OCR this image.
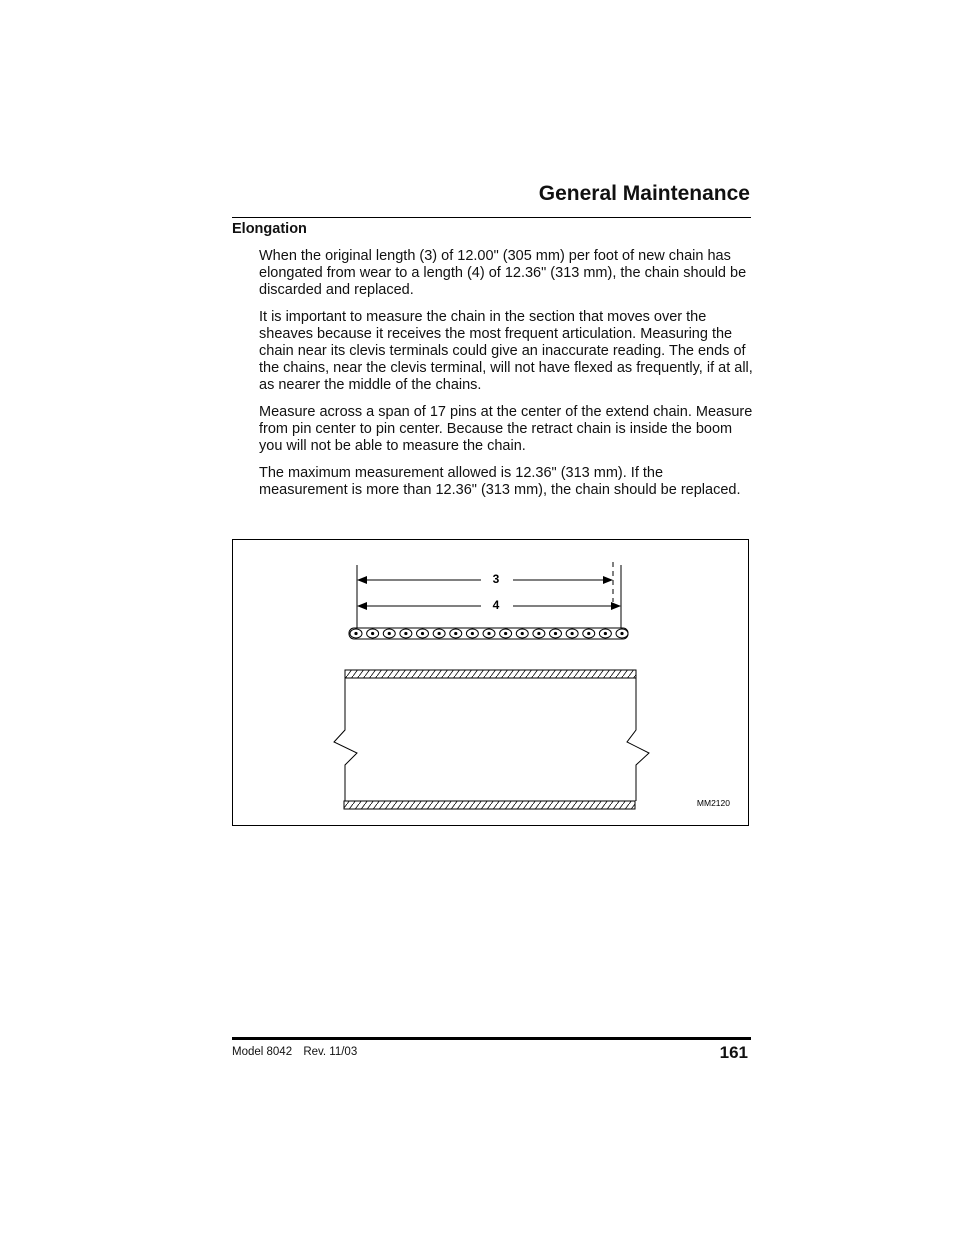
General Maintenance
Elongation

When the original length (3) of 12.00" (305 mm) per foot of new chain has elongated from wear to a length (4) of 12.36" (313 mm), the chain should be discarded and replaced.

It is important to measure the chain in the section that moves over the sheaves because it receives the most frequent articulation. Measuring the chain near its clevis terminals could give an inaccurate reading. The ends of the chains, near the clevis terminal, will not have flexed as frequently, if at all, as nearer the middle of the chains.

Measure across a span of 17 pins at the center of the extend chain. Measure from pin center to pin center. Because the retract chain is inside the boom you will not be able to measure the chain.

The maximum measurement allowed is 12.36" (313 mm). If the measurement is more than 12.36" (313 mm), the chain should be replaced.

3
4
MM2120
Model 8042 Rev. 11/03	161
